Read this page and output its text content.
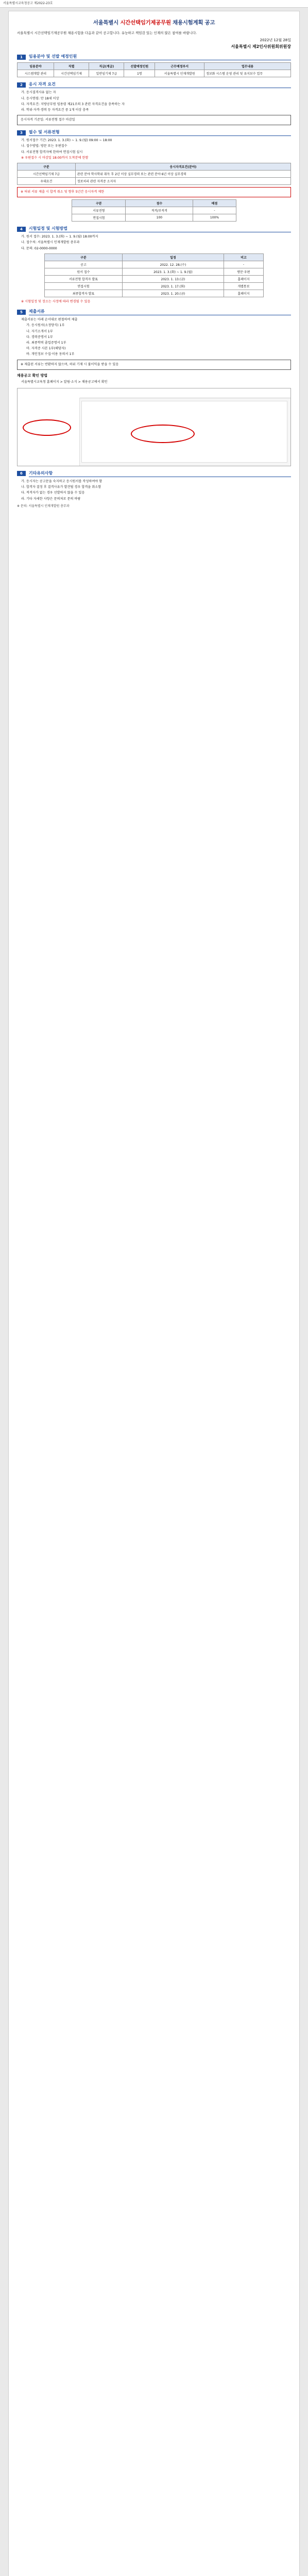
서울특별시교육청공고 제2022-23호
서울특별시 시간선택임기제공무원 채용시험계획 공고
서울특별시 시간선택임기제공무원 채용시험을 다음과 같이 공고합니다. 유능하고 책임감 있는 인재의 많은 참여를 바랍니다.
2022년 12월 28일
서울특별시 제2인사위원회위원장
1	임용분야 및 선발 예정인원
임용분야	직렬	직급(계급)	선발예정인원	근무예정부서	업무내용
시스템개발 관리	시간선택임기제	일반임기제 7급	1명	서울특별시 인재개발원	정보화 시스템 운영 관리 및 유지보수 업무
2	응시 자격 요건
가. 응시결격사유 없는 자
나. 응시연령: 만 18세 이상
다. 자격요건: 지방공무원 임용령 제21조의 3 관련 자격요건을 충족하는 자
라. 학위·자격·경력 등 자격요건 중 1개 이상 충족
응시자격 기준일: 서류전형 접수 마감일
3	필수 및 서류전형
가. 원서접수 기간: 2023. 1. 3.(화) ~ 1. 9.(월) 09:00 ~ 18:00
나. 접수방법: 방문 또는 우편접수
다. 서류전형 합격자에 한하여 면접시험 실시
※ 우편접수 시 마감일 18:00까지 도착분에 한함
구분	응시자격요건(분야)
시간선택임기제 7급	관련 분야 학사학위 취득 후 2년 이상 실무경력 또는 관련 분야 6년 이상 실무경력
우대요건	정보처리 관련 자격증 소지자
※ 허위 서류 제출 시 합격 취소 및 향후 5년간 응시자격 제한
구분	점수	배점
서류전형	적격/부적격	-
면접시험	100	100%
4	시험일정 및 시험방법
가. 원서 접수: 2023. 1. 3.(화) ~ 1. 9.(월) 18:00까지
나. 접수처: 서울특별시 인재개발원 총무과
다. 문의: 02-0000-0000
구분	일정	비고
공고	2022. 12. 28.(수)	-
원서 접수	2023. 1. 3.(화) ~ 1. 9.(월)	방문·우편
서류전형 합격자 발표	2023. 1. 13.(금)	홈페이지
면접시험	2023. 1. 17.(화)	개별통보
최종합격자 발표	2023. 1. 20.(금)	홈페이지
※ 시험일정 및 장소는 사정에 따라 변경될 수 있음
5	제출서류
제출서류는 아래 순서대로 편철하여 제출
가. 응시원서(소정양식) 1부
나. 자기소개서 1부
다. 경력증명서 1부
라. 최종학력 졸업증명서 1부
마. 자격증 사본 1부(해당자)
바. 개인정보 수집·이용 동의서 1부
※ 제출된 서류는 반환하지 않으며, 허위 기재 시 불이익을 받을 수 있음
채용공고 확인 방법
서울특별시교육청 홈페이지 > 알림·소식 > 채용공고에서 확인
6	기타유의사항
가. 응시자는 공고문을 숙지하고 응시원서를 작성하여야 함
나. 합격자 결정 후 결격사유가 발견될 경우 합격을 취소함
다. 적격자가 없는 경우 선발하지 않을 수 있음
라. 기타 자세한 사항은 문의처로 문의 바람
※ 문의: 서울특별시 인재개발원 총무과
